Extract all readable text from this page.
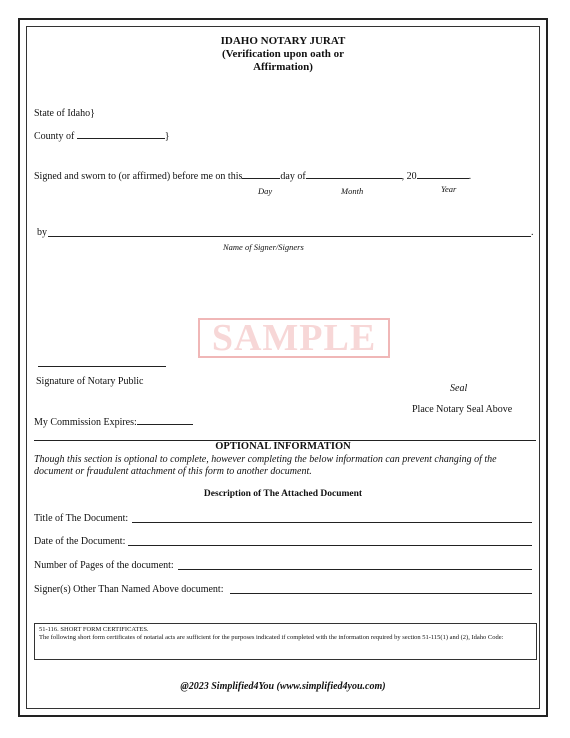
IDAHO NOTARY JURAT
(Verification upon oath or
Affirmation)
State of Idaho}
County of	}
Signed and sworn to (or affirmed) before me on this	day of	, 20	.
Day	Month	Year
by	.
Name of Signer/Signers
SAMPLE
Signature of Notary Public
Seal
Place Notary Seal Above
My Commission Expires:
OPTIONAL INFORMATION
Though this section is optional to complete, however completing the below information can prevent changing of the document or fraudulent attachment of this form to another document.
Description of The Attached Document
Title of The Document:
Date of the Document:
Number of Pages of the document:
Signer(s) Other Than Named Above document:
51-116. SHORT FORM CERTIFICATES.
The following short form certificates of notarial acts are sufficient for the purposes indicated if completed with the information required by section 51-115(1) and (2), Idaho Code:
@2023 Simplified4You (www.simplified4you.com)
